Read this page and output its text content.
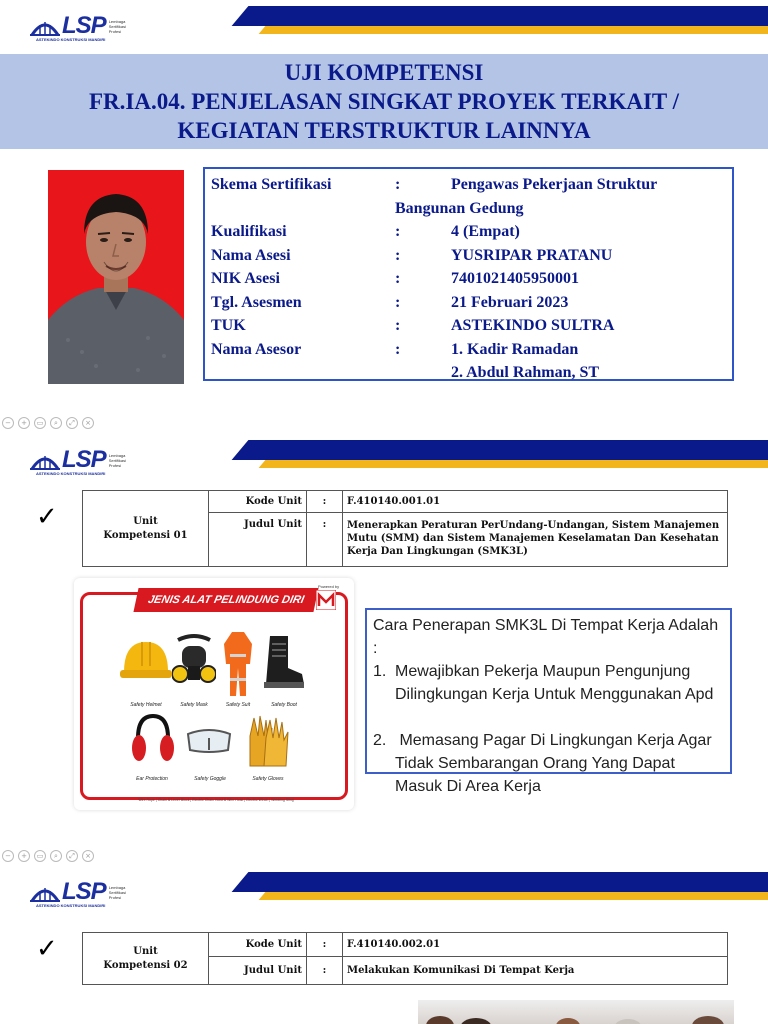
LSP Lembaga Sertifikasi Profesi
ASTEKINDO KONSTRUKSI MANDIRI
UJI KOMPETENSI
FR.IA.04. PENJELASAN SINGKAT PROYEK TERKAIT /
KEGIATAN TERSTRUKTUR LAINNYA
Skema Sertifikasi	:	Pengawas Pekerjaan Struktur
Bangunan Gedung
Kualifikasi	:	4 (Empat)
Nama Asesi	:	YUSRIPAR PRATANU
NIK Asesi	:	7401021405950001
Tgl. Asesmen	:	21 Februari 2023
TUK	:	ASTEKINDO SULTRA
Nama Asesor	:	1. Kadir Ramadan
2. Abdul Rahman, ST
−	+	▭	⌕	⤢	×
LSP Lembaga Sertifikasi Profesi
ASTEKINDO KONSTRUKSI MANDIRI
✓	Unit
Kompetensi 01	Kode Unit	:	F.410140.001.01
	Judul Unit	:	Menerapkan Peraturan PerUndang-Undangan, Sistem Manajemen Mutu (SMM) dan Sistem Manajemen Keselamatan Dan Kesehatan Kerja Dan Lingkungan (SMK3L)
JENIS ALAT PELINDUNG DIRI
Powered by
Safety Helmet	Safety Mask	Safety Suit	Safety Boot
Ear Protection	Safety Goggle	Safety Gloves
Wire Rope | Chain & Lever Block | Electric Chain Hoist & Wire Hoist | Electric Winch | Webbing Sling
Cara Penerapan SMK3L Di Tempat Kerja Adalah :
1. Mewajibkan Pekerja Maupun Pengunjung Dilingkungan Kerja Untuk Menggunakan Apd
2. Memasang Pagar Di Lingkungan Kerja Agar Tidak Sembarangan Orang Yang Dapat Masuk Di Area Kerja
−	+	▭	⌕	⤢	×
LSP Lembaga Sertifikasi Profesi
ASTEKINDO KONSTRUKSI MANDIRI
✓	Unit
Kompetensi 02	Kode Unit	:	F.410140.002.01
	Judul Unit	:	Melakukan Komunikasi Di Tempat Kerja
